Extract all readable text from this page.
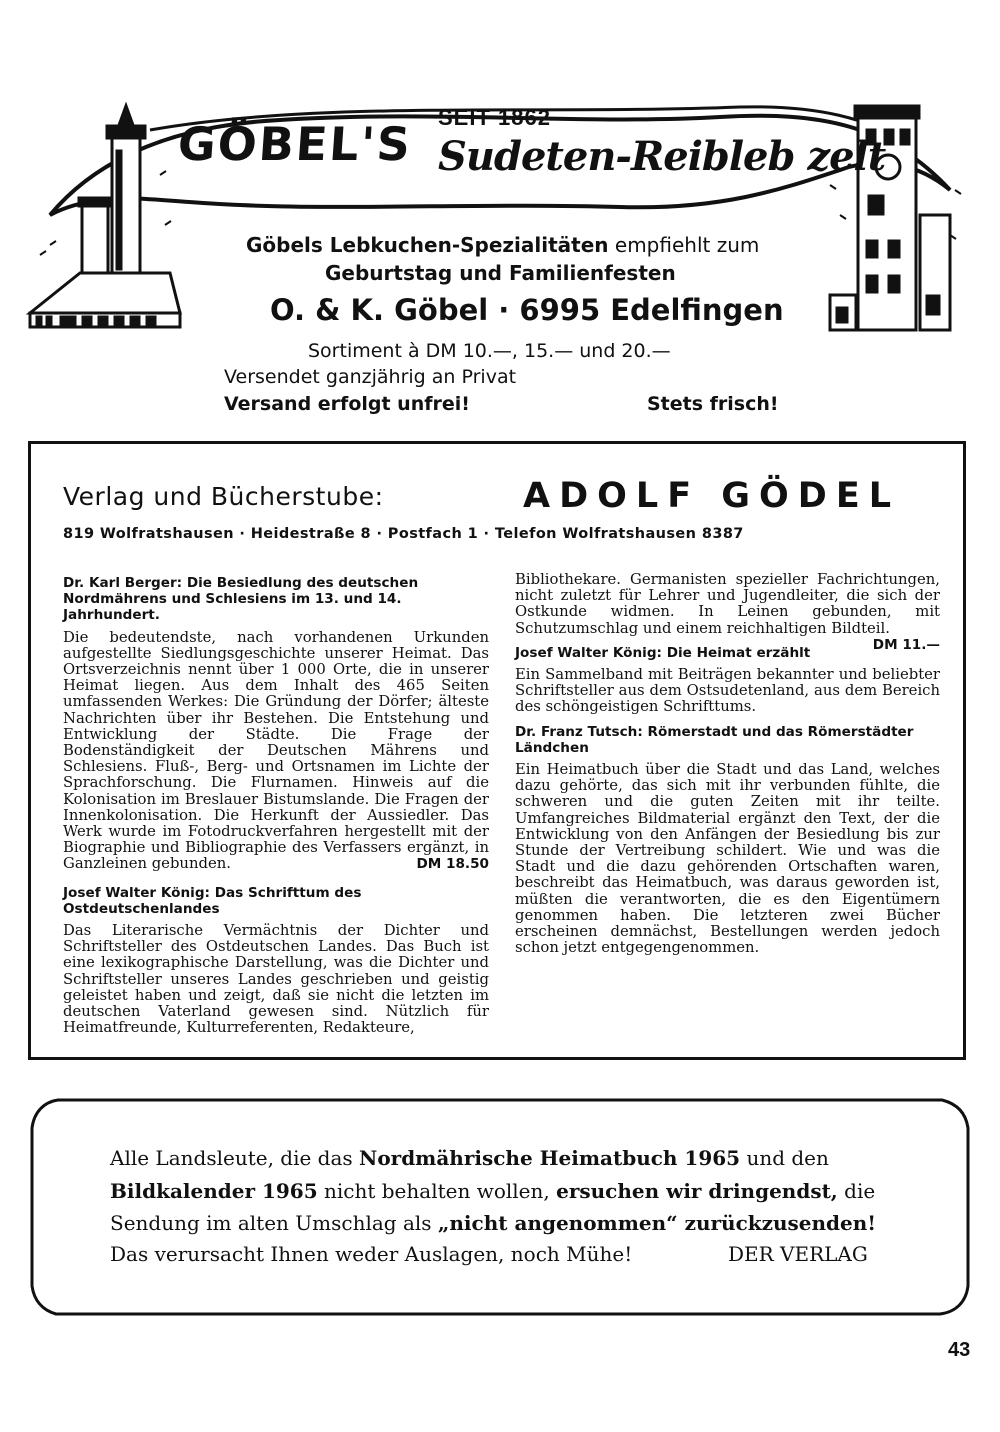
SEIT 1862
GÖBEL'S Sudeten-Reibleb zelt
Göbels Lebkuchen-Spezialitäten empfiehlt zum
Geburtstag und Familienfesten
O. & K. Göbel · 6995 Edelfingen
Sortiment à DM 10.—, 15.— und 20.—
Versendet ganzjährig an Privat
Versand erfolgt unfrei!	Stets frisch!
Verlag und Bücherstube:	ADOLF GÖDEL
819 Wolfratshausen · Heidestraße 8 · Postfach 1 · Telefon Wolfratshausen 8387

Dr. Karl Berger: Die Besiedlung des deutschen Nordmährens und Schlesiens im 13. und 14. Jahrhundert.

Die bedeutendste, nach vorhandenen Urkunden aufgestellte Siedlungsgeschichte unserer Heimat. Das Ortsverzeichnis nennt über 1 000 Orte, die in unserer Heimat liegen. Aus dem Inhalt des 465 Seiten umfassenden Werkes: Die Gründung der Dörfer; älteste Nachrichten über ihr Bestehen. Die Entstehung und Entwicklung der Städte. Die Frage der Bodenständigkeit der Deutschen Mährens und Schlesiens. Fluß-, Berg- und Ortsnamen im Lichte der Sprachforschung. Die Flurnamen. Hinweis auf die Kolonisation im Breslauer Bistumslande. Die Fragen der Innenkolonisation. Die Herkunft der Aussiedler. Das Werk wurde im Fotodruckverfahren hergestellt mit der Biographie und Bibliographie des Verfassers ergänzt, in Ganzleinen gebunden.	DM 18.50

Josef Walter König: Das Schrifttum des Ostdeutschenlandes

Das Literarische Vermächtnis der Dichter und Schriftsteller des Ostdeutschen Landes. Das Buch ist eine lexikographische Darstellung, was die Dichter und Schriftsteller unseres Landes geschrieben und geistig geleistet haben und zeigt, daß sie nicht die letzten im deutschen Vaterland gewesen sind. Nützlich für Heimatfreunde, Kulturreferenten, Redakteure,

Alle Landsleute, die das Nordmährische Heimatbuch 1965 und den
Bildkalender 1965 nicht behalten wollen, ersuchen wir dringendst, die
Sendung im alten Umschlag als „nicht angenommen“ zurückzusenden!
Das verursacht Ihnen weder Auslagen, noch Mühe!	DER VERLAG
43

Bibliothekare. Germanisten spezieller Fachrichtungen, nicht zuletzt für Lehrer und Jugendleiter, die sich der Ostkunde widmen. In Leinen gebunden, mit Schutzumschlag und einem reichhaltigen Bildteil.
DM 11.—

Josef Walter König: Die Heimat erzählt

Ein Sammelband mit Beiträgen bekannter und beliebter Schriftsteller aus dem Ostsudetenland, aus dem Bereich des schöngeistigen Schrifttums.

Dr. Franz Tutsch: Römerstadt und das Römerstädter Ländchen

Ein Heimatbuch über die Stadt und das Land, welches dazu gehörte, das sich mit ihr verbunden fühlte, die schweren und die guten Zeiten mit ihr teilte. Umfangreiches Bildmaterial ergänzt den Text, der die Entwicklung von den Anfängen der Besiedlung bis zur Stunde der Vertreibung schildert. Wie und was die Stadt und die dazu gehörenden Ortschaften waren, beschreibt das Heimatbuch, was daraus geworden ist, müßten die verantworten, die es den Eigentümern genommen haben. Die letzteren zwei Bücher erscheinen demnächst, Bestellungen werden jedoch schon jetzt entgegengenommen.
